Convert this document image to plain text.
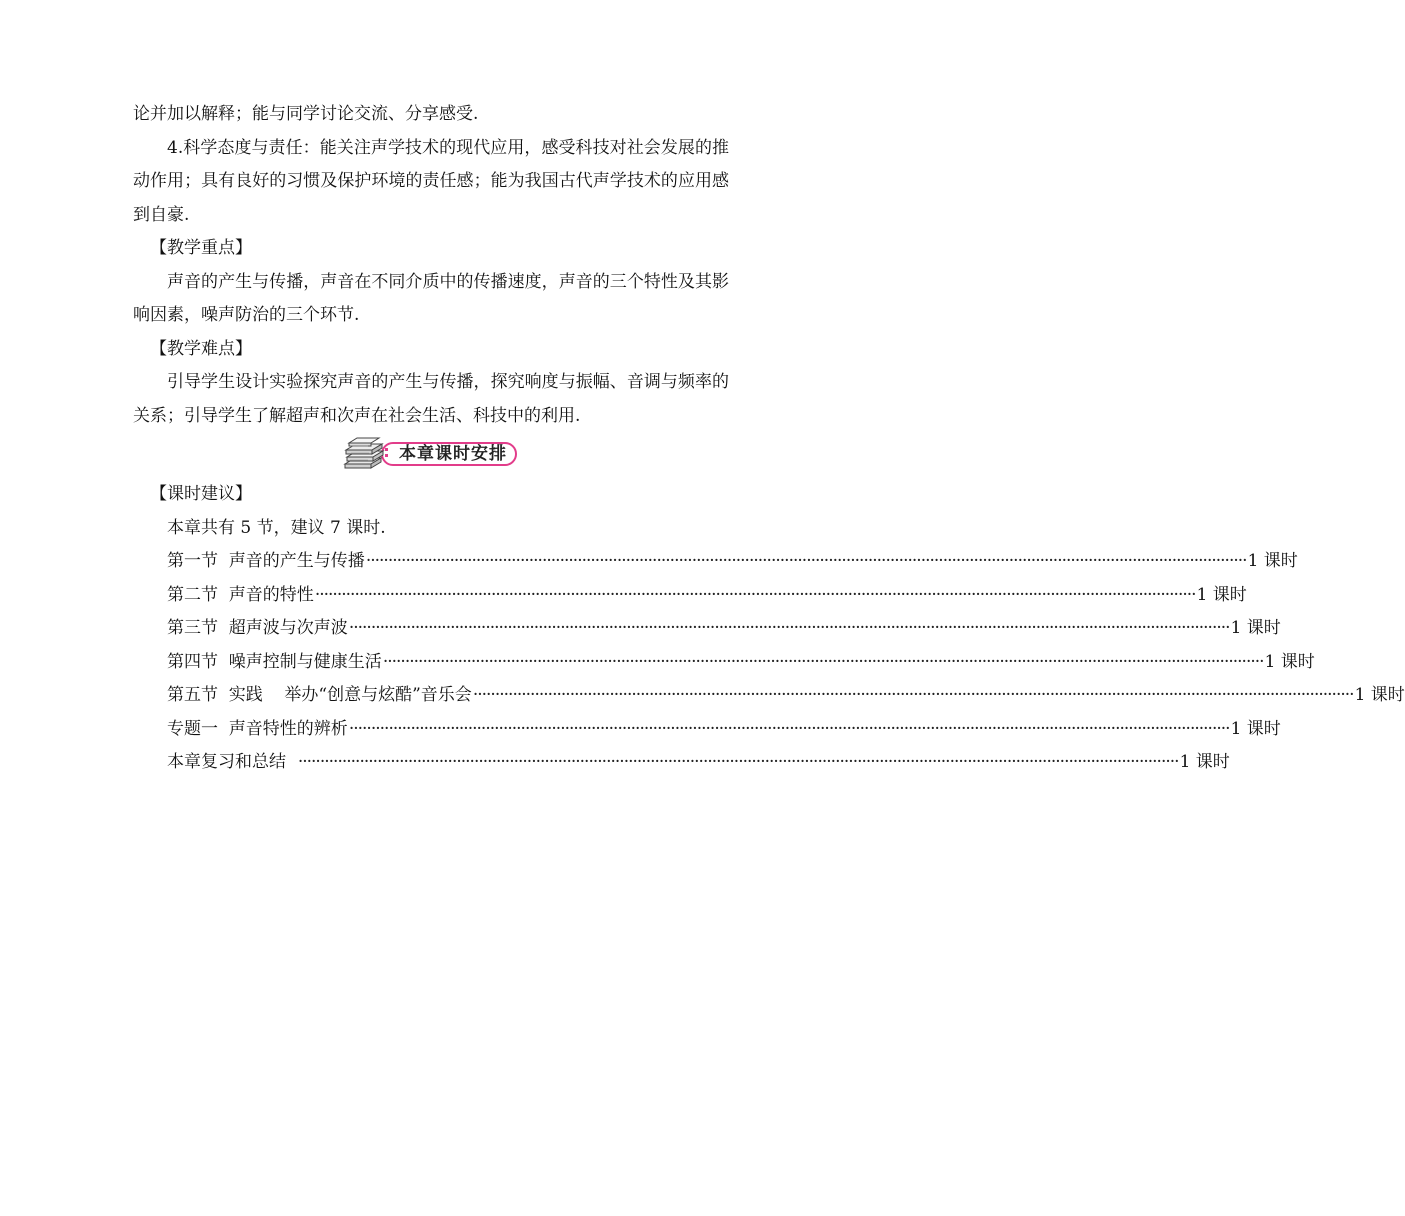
论并加以解释；能与同学讨论交流、分享感受.

4.科学态度与责任：能关注声学技术的现代应用，感受科技对社会发展的推动作用；具有良好的习惯及保护环境的责任感；能为我国古代声学技术的应用感到自豪.

【教学重点】

声音的产生与传播，声音在不同介质中的传播速度，声音的三个特性及其影响因素，噪声防治的三个环节.

【教学难点】

引导学生设计实验探究声音的产生与传播，探究响度与振幅、音调与频率的关系；引导学生了解超声和次声在社会生活、科技中的利用.

本章课时安排

【课时建议】

本章共有 5 节，建议 7 课时.

第一节  声音的产生与传播 ········································································································································································································ 1 课时
第二节  声音的特性 ········································································································································································································ 1 课时
第三节  超声波与次声波 ········································································································································································································ 1 课时
第四节  噪声控制与健康生活 ········································································································································································································ 1 课时
第五节  实践    举办“创意与炫酷”音乐会 ········································································································································································································ 1 课时
专题一  声音特性的辨析 ········································································································································································································ 1 课时
本章复习和总结 ········································································································································································································ 1 课时
